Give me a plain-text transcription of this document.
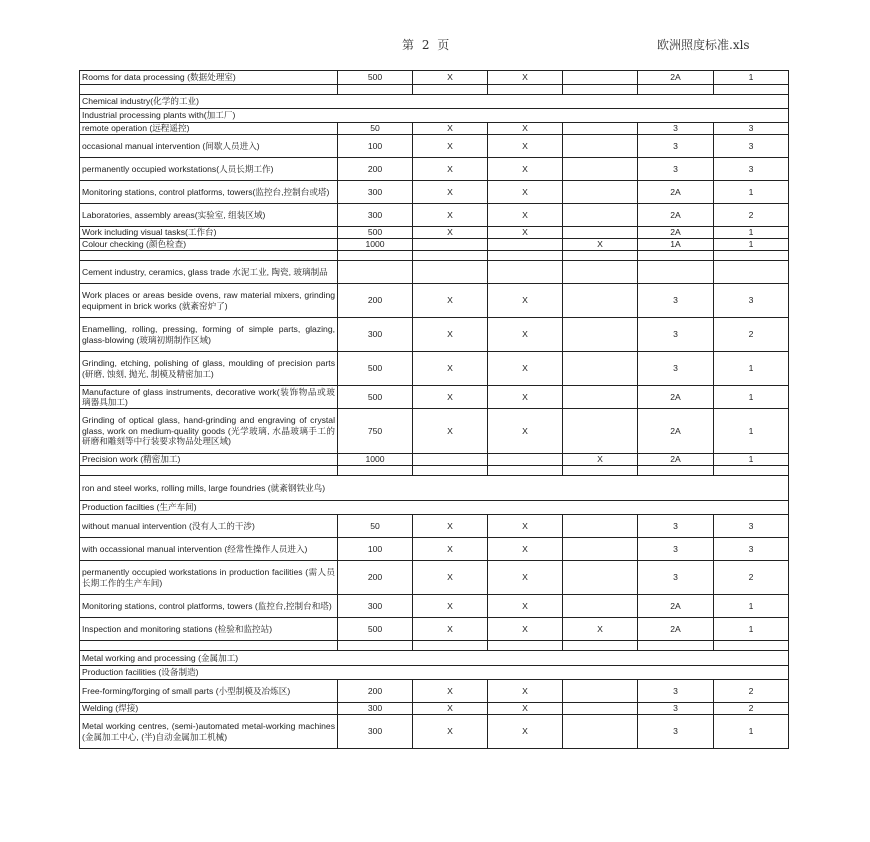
第 2 页	欧洲照度标准.xls
Rooms for data processing (数据处理室)	500	X	X		2A	1

Chemical industry(化学的工业)						
Industrial processing plants with(加工厂)						
remote operation (远程遥控)	50	X	X		3	3
occasional manual intervention (间歇人员进入)	100	X	X		3	3
permanently occupied workstations(人员长期工作)	200	X	X		3	3
Monitoring stations, control platforms, towers(监控台,控制台或塔)	300	X	X		2A	1
Laboratories, assembly areas(实验室, 组装区域)	300	X	X		2A	2
Work including visual tasks(工作台)	500	X	X		2A	1
Colour checking (颜色检查)	1000			X	1A	1

Cement industry, ceramics, glass trade 水泥工业, 陶瓷, 玻璃制品						
Work places or areas beside ovens, raw material mixers, grinding equipment in brick works (就紊窑炉了)	200	X	X		3	3
Enamelling, rolling, pressing, forming of simple parts, glazing, glass-blowing (玻璃初期制作区域)	300	X	X		3	2
Grinding, etching, polishing of glass, moulding of precision parts (研磨, 蚀刻, 抛光, 制模及精密加工)	500	X	X		3	1
Manufacture of glass instruments, decorative work(装饰物品或玻璃器具加工)	500	X	X		2A	1
Grinding of optical glass, hand-grinding and engraving of crystal glass, work on medium-quality goods (光学玻璃, 水晶玻璃手工的研磨和雕刻等中行装要求物品处理区域)	750	X	X		2A	1
Precision work (精密加工)	1000			X	2A	1

ron and steel works, rolling mills, large foundries (就紊钢铁业鸟)						
Production facilties (生产车间)						
without manual intervention (没有人工的干涉)	50	X	X		3	3
with occassional manual intervention (经常性操作人员进入)	100	X	X		3	3
permanently occupied workstations in production facilities (需人员长期工作的生产车间)	200	X	X		3	2
Monitoring stations, control platforms, towers (监控台,控制台和塔)	300	X	X		2A	1
Inspection and monitoring stations (检验和监控站)	500	X	X	X	2A	1

Metal working and processing (金属加工)						
Production facilities (设备制造)						
Free-forming/forging of small parts (小型制模及冶炼区)	200	X	X		3	2
Welding (焊接)	300	X	X		3	2
Metal working centres, (semi-)automated metal-working machines (金属加工中心, (半)自动金属加工机械)	300	X	X		3	1
